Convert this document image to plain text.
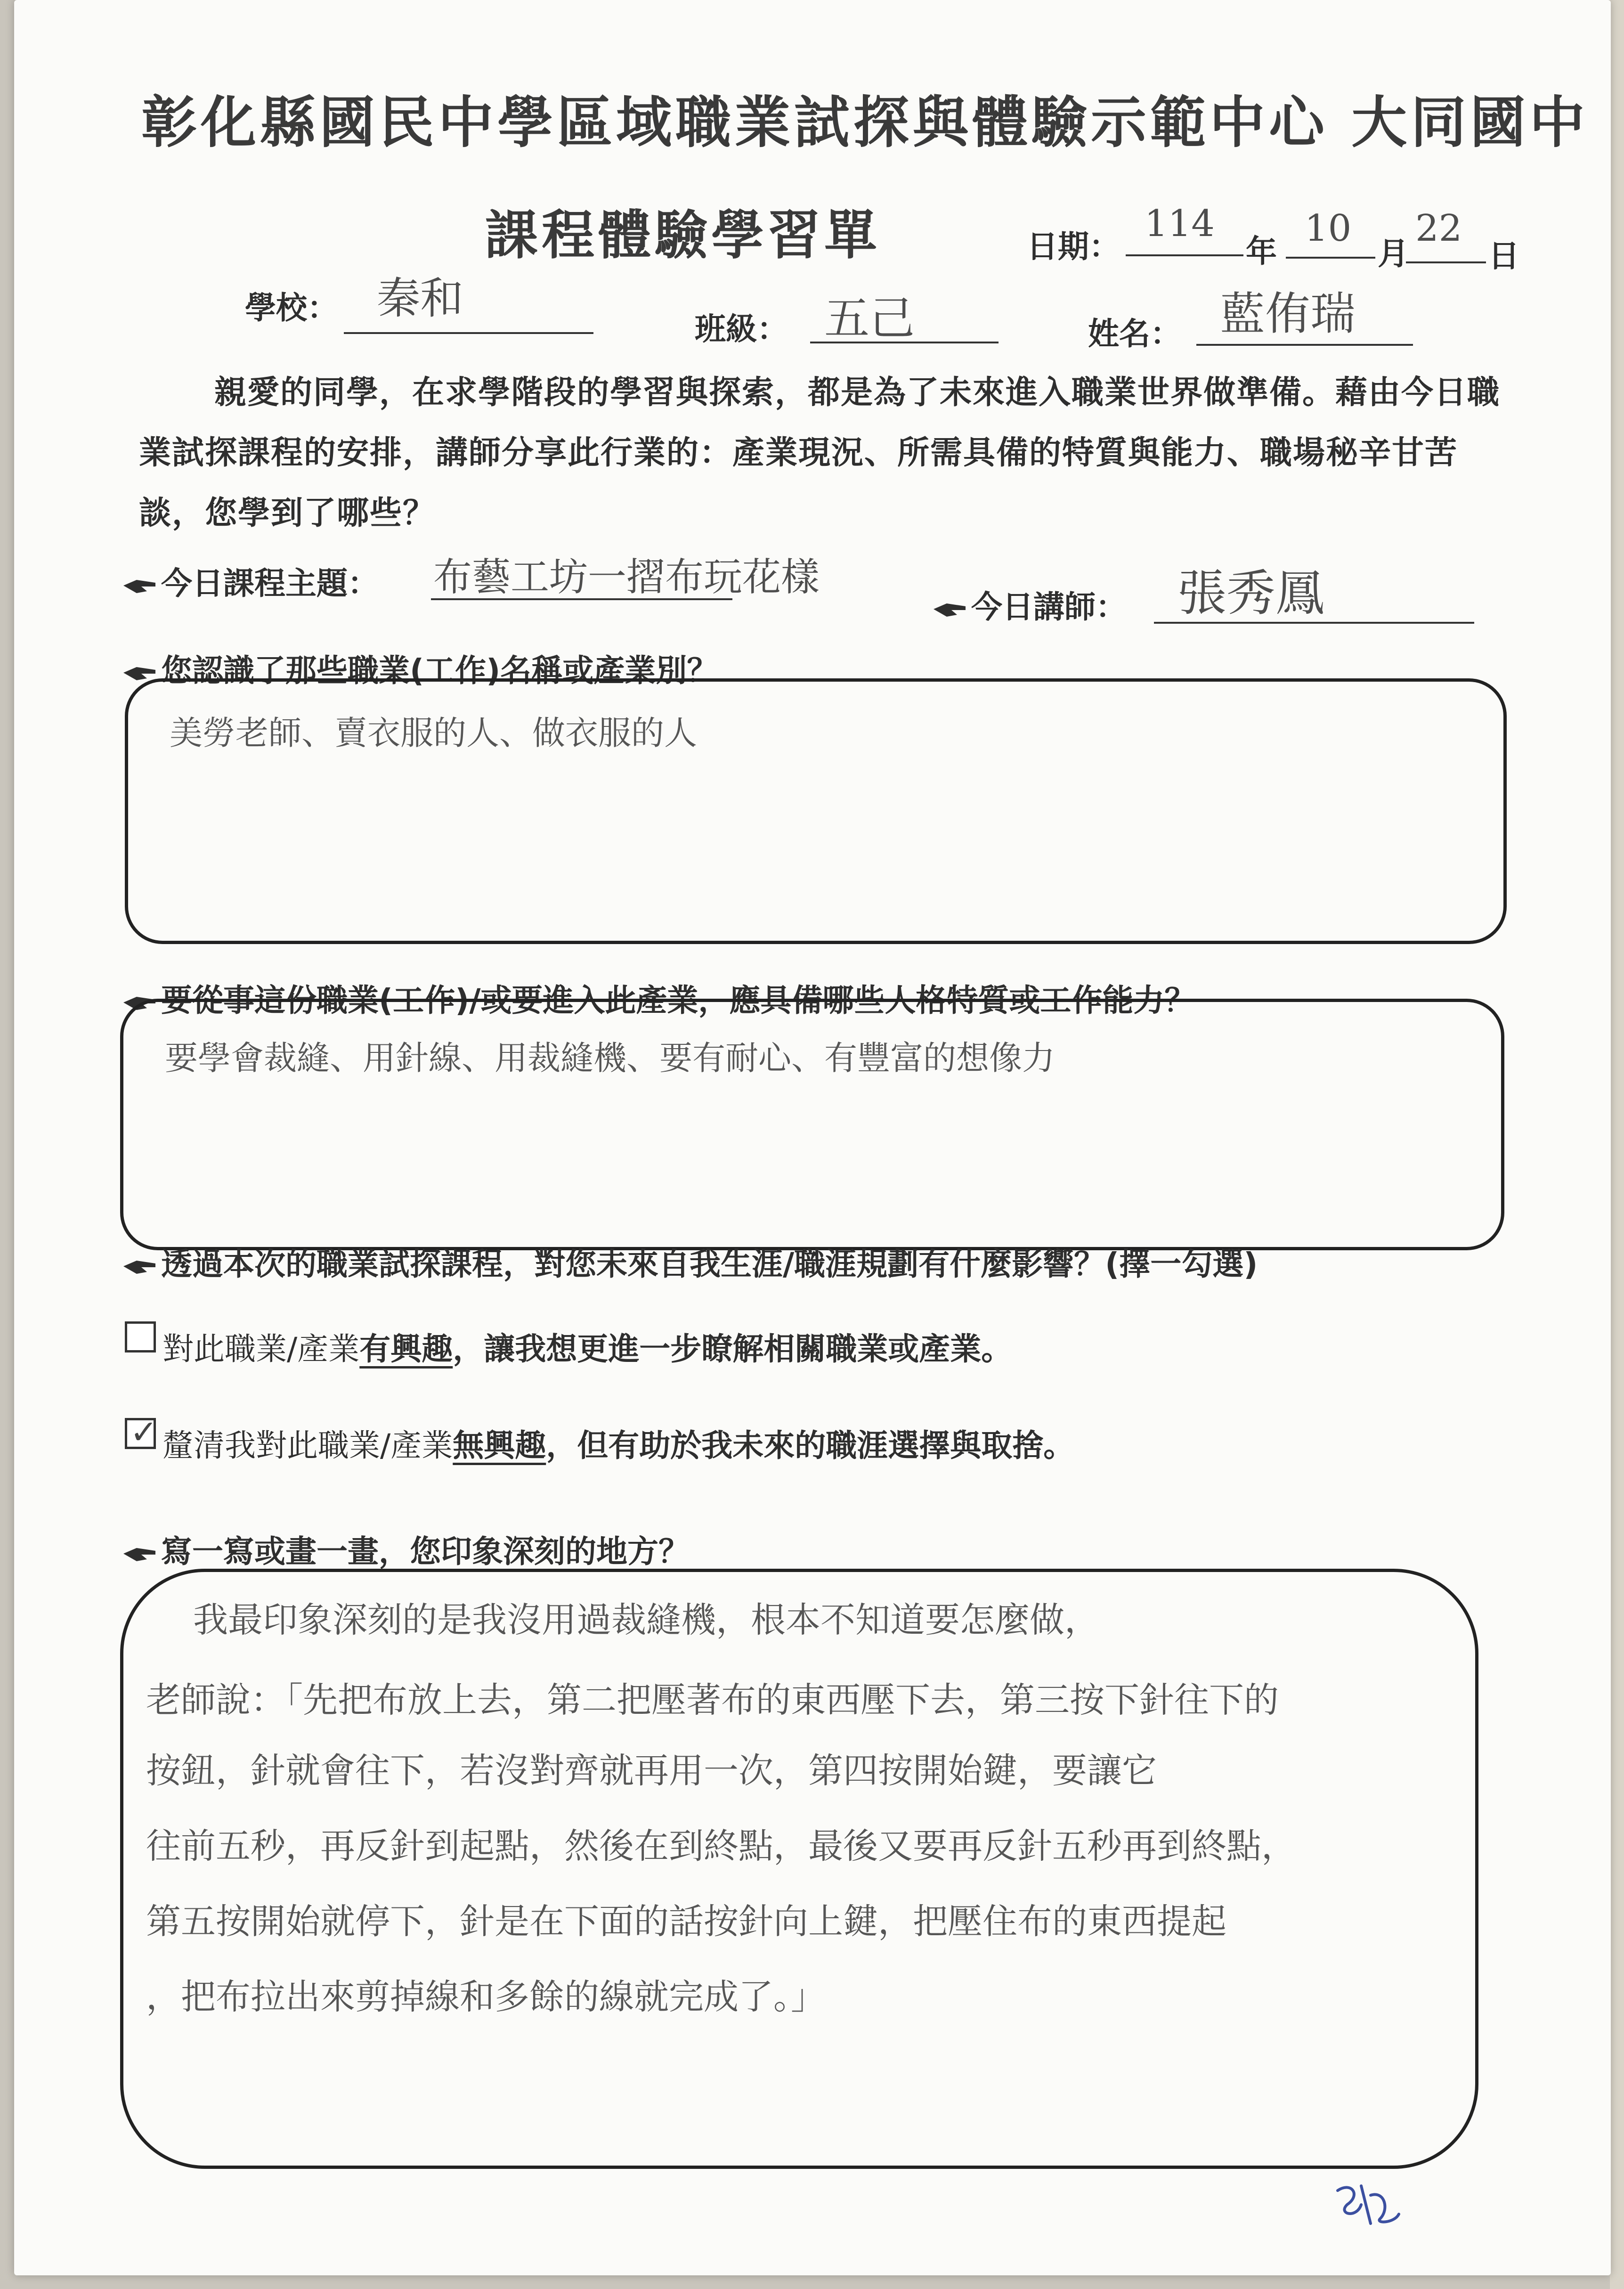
彰化縣國民中學區域職業試探與體驗示範中心 大同國中
課程體驗學習單	日期：
114
年
10
月
22
日
學校： 秦和
班級： 五己	姓名： 藍侑瑞
親愛的同學，在求學階段的學習與探索，都是為了未來進入職業世界做準備。藉由今日職業試探課程的安排，講師分享此行業的：產業現況、所需具備的特質與能力、職場秘辛甘苦談，您學到了哪些？
今日課程主題： 布藝工坊一摺布玩花樣
今日講師： 張秀鳳
您認識了那些職業(工作)名稱或產業別？
美勞老師、賣衣服的人、做衣服的人
要從事這份職業(工作)/或要進入此產業，應具備哪些人格特質或工作能力？
要學會裁縫、用針線、用裁縫機、要有耐心、有豐富的想像力
透過本次的職業試探課程，對您未來自我生涯/職涯規劃有什麼影響？(擇一勾選)
對此職業/產業有興趣，讓我想更進一步瞭解相關職業或產業。
✓ 釐清我對此職業/產業無興趣，但有助於我未來的職涯選擇與取捨。
寫一寫或畫一畫，您印象深刻的地方？
我最印象深刻的是我沒用過裁縫機，根本不知道要怎麼做，
老師說：「先把布放上去，第二把壓著布的東西壓下去，第三按下針往下的
按鈕，針就會往下，若沒對齊就再用一次，第四按開始鍵，要讓它
往前五秒，再反針到起點，然後在到終點，最後又要再反針五秒再到終點，
第五按開始就停下，針是在下面的話按針向上鍵，把壓住布的東西提起
，把布拉出來剪掉線和多餘的線就完成了。」
